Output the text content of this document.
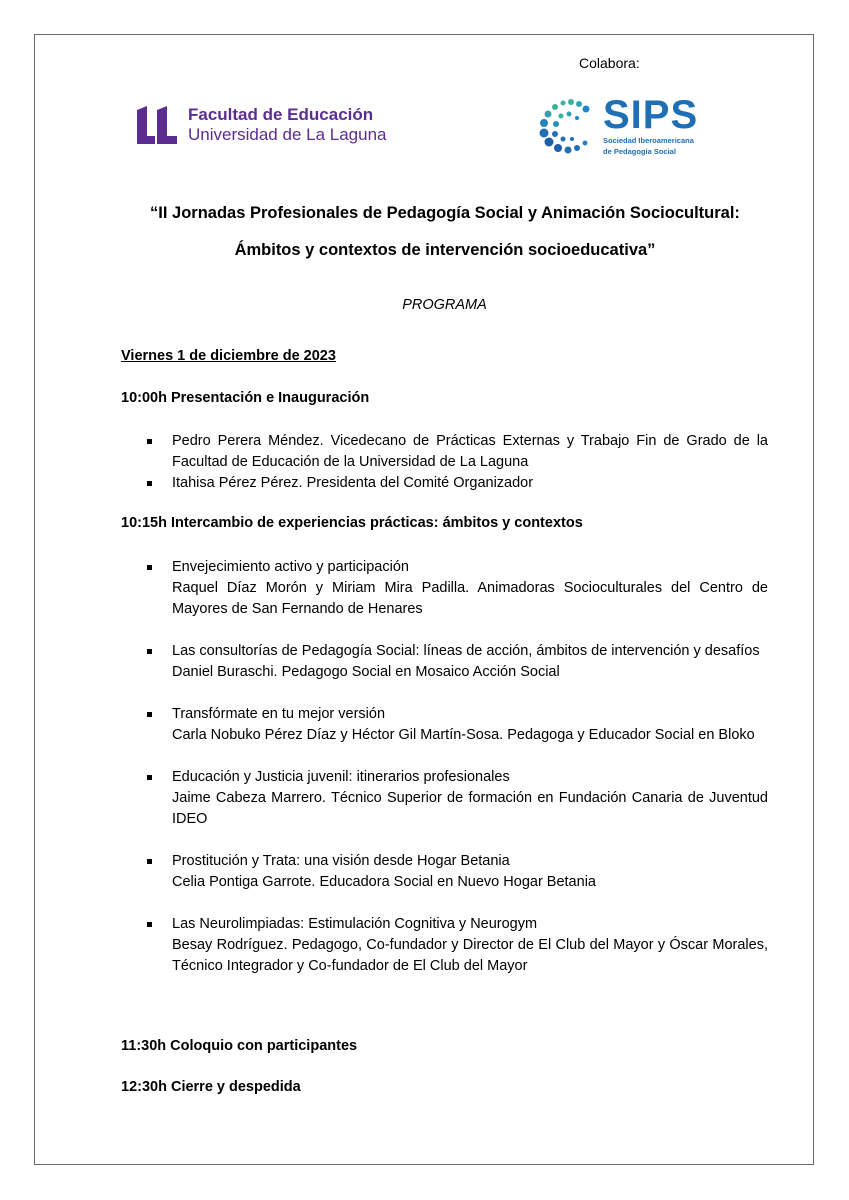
Colabora:
Facultad de Educación
Universidad de La Laguna	SIPS
Sociedad Iberoamericana
de Pedagogía Social
“II Jornadas Profesionales de Pedagogía Social y Animación Sociocultural:
Ámbitos y contextos de intervención socioeducativa”
PROGRAMA
Viernes 1 de diciembre de 2023
10:00h Presentación e Inauguración
Pedro Perera Méndez. Vicedecano de Prácticas Externas y Trabajo Fin de Grado de la Facultad de Educación de la Universidad de La Laguna
Itahisa Pérez Pérez. Presidenta del Comité Organizador
10:15h Intercambio de experiencias prácticas: ámbitos y contextos
Envejecimiento activo y participación
Raquel Díaz Morón y Miriam Mira Padilla. Animadoras Socioculturales del Centro de Mayores de San Fernando de Henares
Las consultorías de Pedagogía Social: líneas de acción, ámbitos de intervención y desafíos
Daniel Buraschi. Pedagogo Social en Mosaico Acción Social
Transfórmate en tu mejor versión
Carla Nobuko Pérez Díaz y Héctor Gil Martín-Sosa. Pedagoga y Educador Social en Bloko
Educación y Justicia juvenil: itinerarios profesionales
Jaime Cabeza Marrero. Técnico Superior de formación en Fundación Canaria de Juventud IDEO
Prostitución y Trata: una visión desde Hogar Betania
Celia Pontiga Garrote. Educadora Social en Nuevo Hogar Betania
Las Neurolimpiadas: Estimulación Cognitiva y Neurogym
Besay Rodríguez. Pedagogo, Co-fundador y Director de El Club del Mayor y Óscar Morales, Técnico Integrador y Co-fundador de El Club del Mayor
11:30h Coloquio con participantes
12:30h Cierre y despedida
